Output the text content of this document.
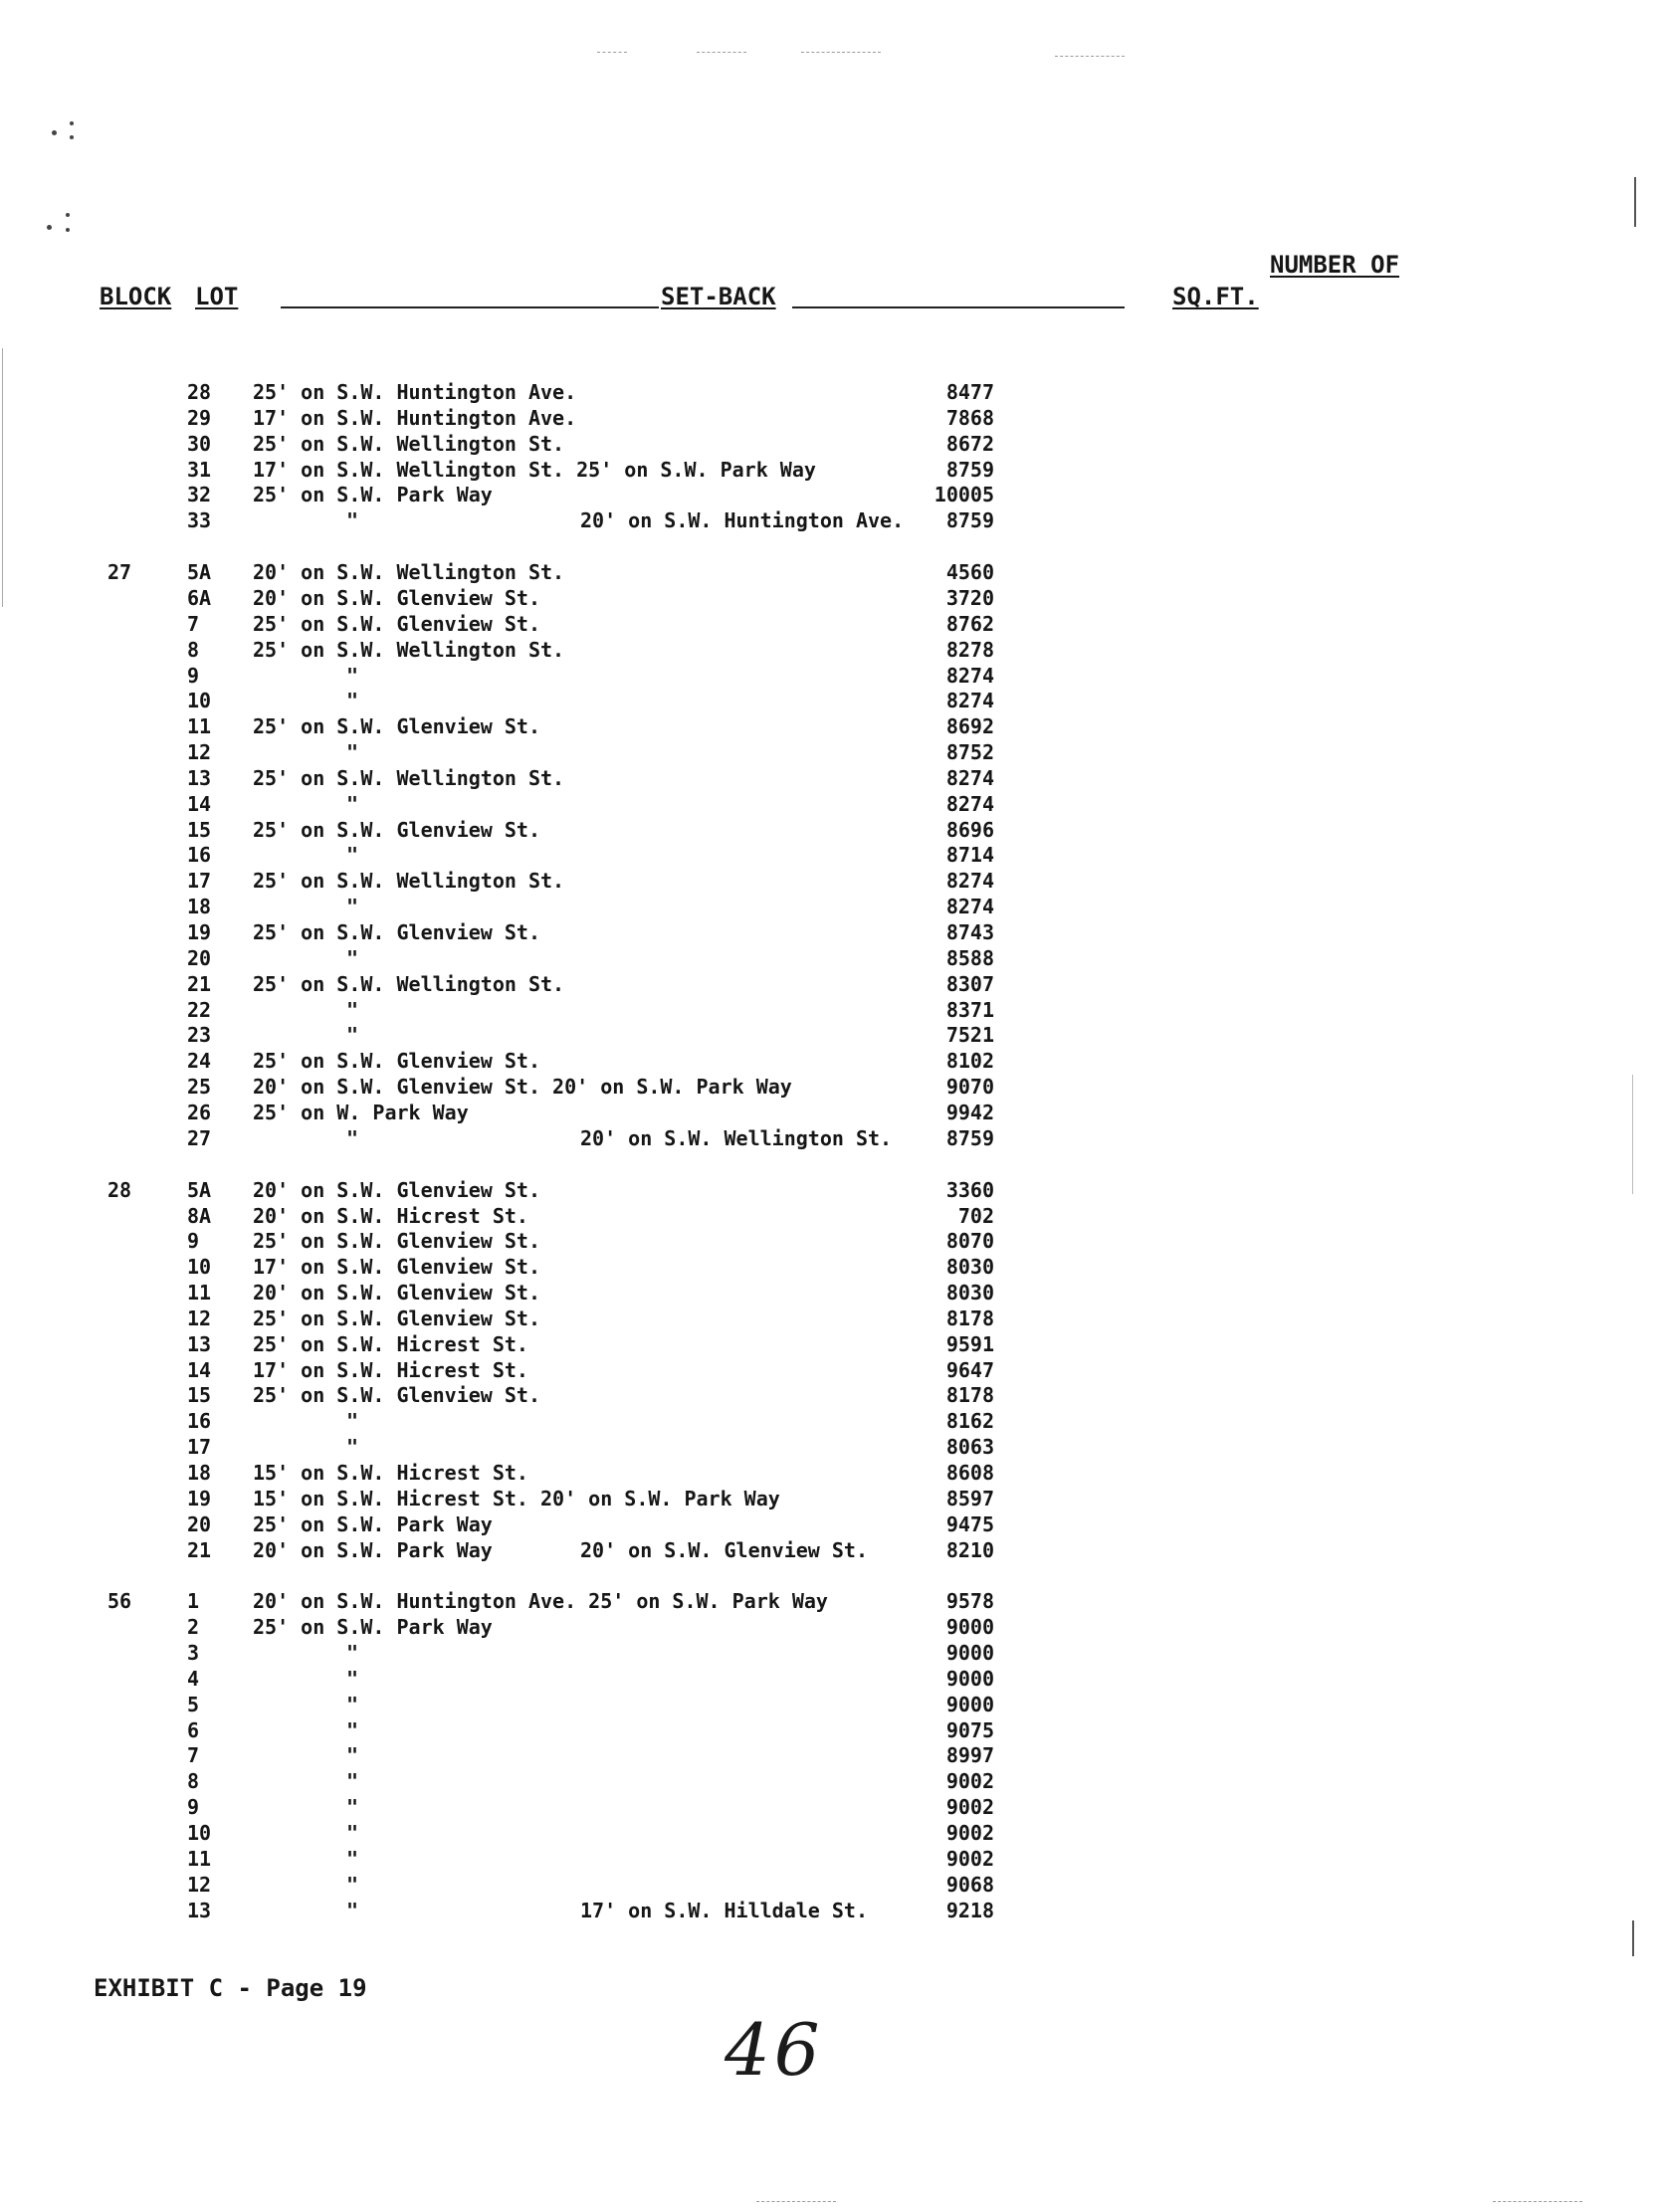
BLOCK LOT	SET-BACK
NUMBER OF
SQ.FT.
28 25' on S.W. Huntington Ave.	8477
29 17' on S.W. Huntington Ave.	7868
30 25' on S.W. Wellington St.	8672
31 17' on S.W. Wellington St. 25' on S.W. Park Way	8759
32 25' on S.W. Park Way	10005
33	"	20' on S.W. Huntington Ave. 8759
27	5A 20' on S.W. Wellington St.	4560
6A 20' on S.W. Glenview St.	3720
7	25' on S.W. Glenview St.	8762
8	25' on S.W. Wellington St.	8278
9	"	8274
10	"	8274
11 25' on S.W. Glenview St.	8692
12	"	8752
13 25' on S.W. Wellington St.	8274
14	"	8274
15 25' on S.W. Glenview St.	8696
16	"	8714
17 25' on S.W. Wellington St.	8274
18	"	8274
19 25' on S.W. Glenview St.	8743
20	"	8588
21 25' on S.W. Wellington St.	8307
22	"	8371
23	"	7521
24 25' on S.W. Glenview St.	8102
25 20' on S.W. Glenview St. 20' on S.W. Park Way	9070
26 25' on W. Park Way	9942
27	"	20' on S.W. Wellington St.	8759
28	5A 20' on S.W. Glenview St.	3360
8A 20' on S.W. Hicrest St.	702
9	25' on S.W. Glenview St.	8070
10 17' on S.W. Glenview St.	8030
11 20' on S.W. Glenview St.	8030
12 25' on S.W. Glenview St.	8178
13 25' on S.W. Hicrest St.	9591
14 17' on S.W. Hicrest St.	9647
15 25' on S.W. Glenview St.	8178
16	"	8162
17	"	8063
18 15' on S.W. Hicrest St.	8608
19 15' on S.W. Hicrest St. 20' on S.W. Park Way	8597
20 25' on S.W. Park Way	9475
21 20' on S.W. Park Way	20' on S.W. Glenview St.	8210
56	1	20' on S.W. Huntington Ave. 25' on S.W. Park Way	9578
2	25' on S.W. Park Way	9000
3	"	9000
4	"	9000
5	"	9000
6	"	9075
7	"	8997
8	"	9002
9	"	9002
10	"	9002
11	"	9002
12	"	9068
13	"	17' on S.W. Hilldale St.	9218
EXHIBIT C - Page 19
46
